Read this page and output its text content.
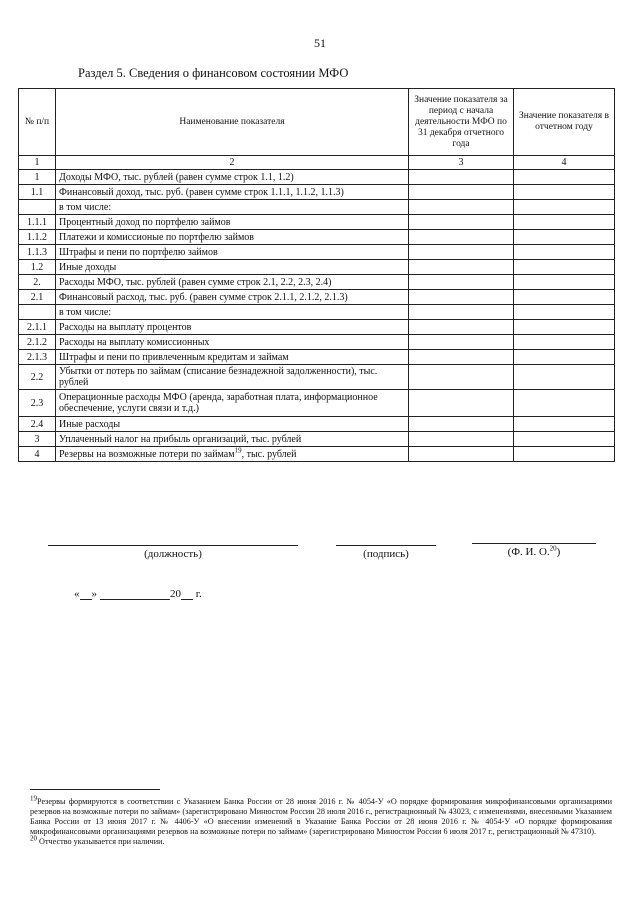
51
Раздел 5. Сведения о финансовом состоянии МФО
№ п/п	Наименование показателя	Значение показателя за период с начала деятельности МФО по 31 декабря отчетного года	Значение показателя в отчетном году
1	2	3	4
1	Доходы МФО, тыс. рублей (равен сумме строк 1.1, 1.2)		
1.1	Финансовый доход, тыс. руб. (равен сумме строк 1.1.1, 1.1.2, 1.1.3)		
	в том числе:		
1.1.1	Процентный доход по портфелю займов		
1.1.2	Платежи и комиссионые по портфелю займов		
1.1.3	Штрафы и пени по портфелю займов		
1.2	Иные доходы		
2.	Расходы МФО, тыс. рублей (равен сумме строк 2.1, 2.2, 2.3, 2.4)		
2.1	Финансовый расход, тыс. руб. (равен сумме строк 2.1.1, 2.1.2, 2.1.3)		
	в том числе:		
2.1.1	Расходы на выплату процентов		
2.1.2	Расходы на выплату комиссионных		
2.1.3	Штрафы и пени по привлеченным кредитам и займам		
2.2	Убытки от потерь по займам (списание безнадежной задолженности), тыс. рублей		
2.3	Операционные расходы МФО (аренда, заработная плата, информационное обеспечение, услуги связи и т.д.)		
2.4	Иные расходы		
3	Уплаченный налог на прибыль организаций, тыс. рублей		
4	Резервы на возможные потери по займам$^{19}$, тыс. рублей		
(должность)	(подпись)	(Ф. И. О.$^{20}$)
« »	20  г.

$^{19}$Резервы формируются в соответствии с Указанием Банка России от 28 июня 2016 г. № 4054-У «О порядке формирования микрофинансовыми организациями резервов на возможные потери по займам» (зарегистрировано Минюстом России 28 июля 2016 г., регистрационный № 43023, с изменениями, внесенными Указанием Банка России от 13 июня 2017 г. № 4406-У «О внесении изменений в Указание Банка России от 28 июня 2016 г. № 4054-У «О порядке формирования микрофинансовыми организациями резервов на возможные потери по займам» (зарегистрировано Минюстом России 6 июля 2017 г., регистрационный № 47310).

$^{20}$ Отчество указывается при наличии.
